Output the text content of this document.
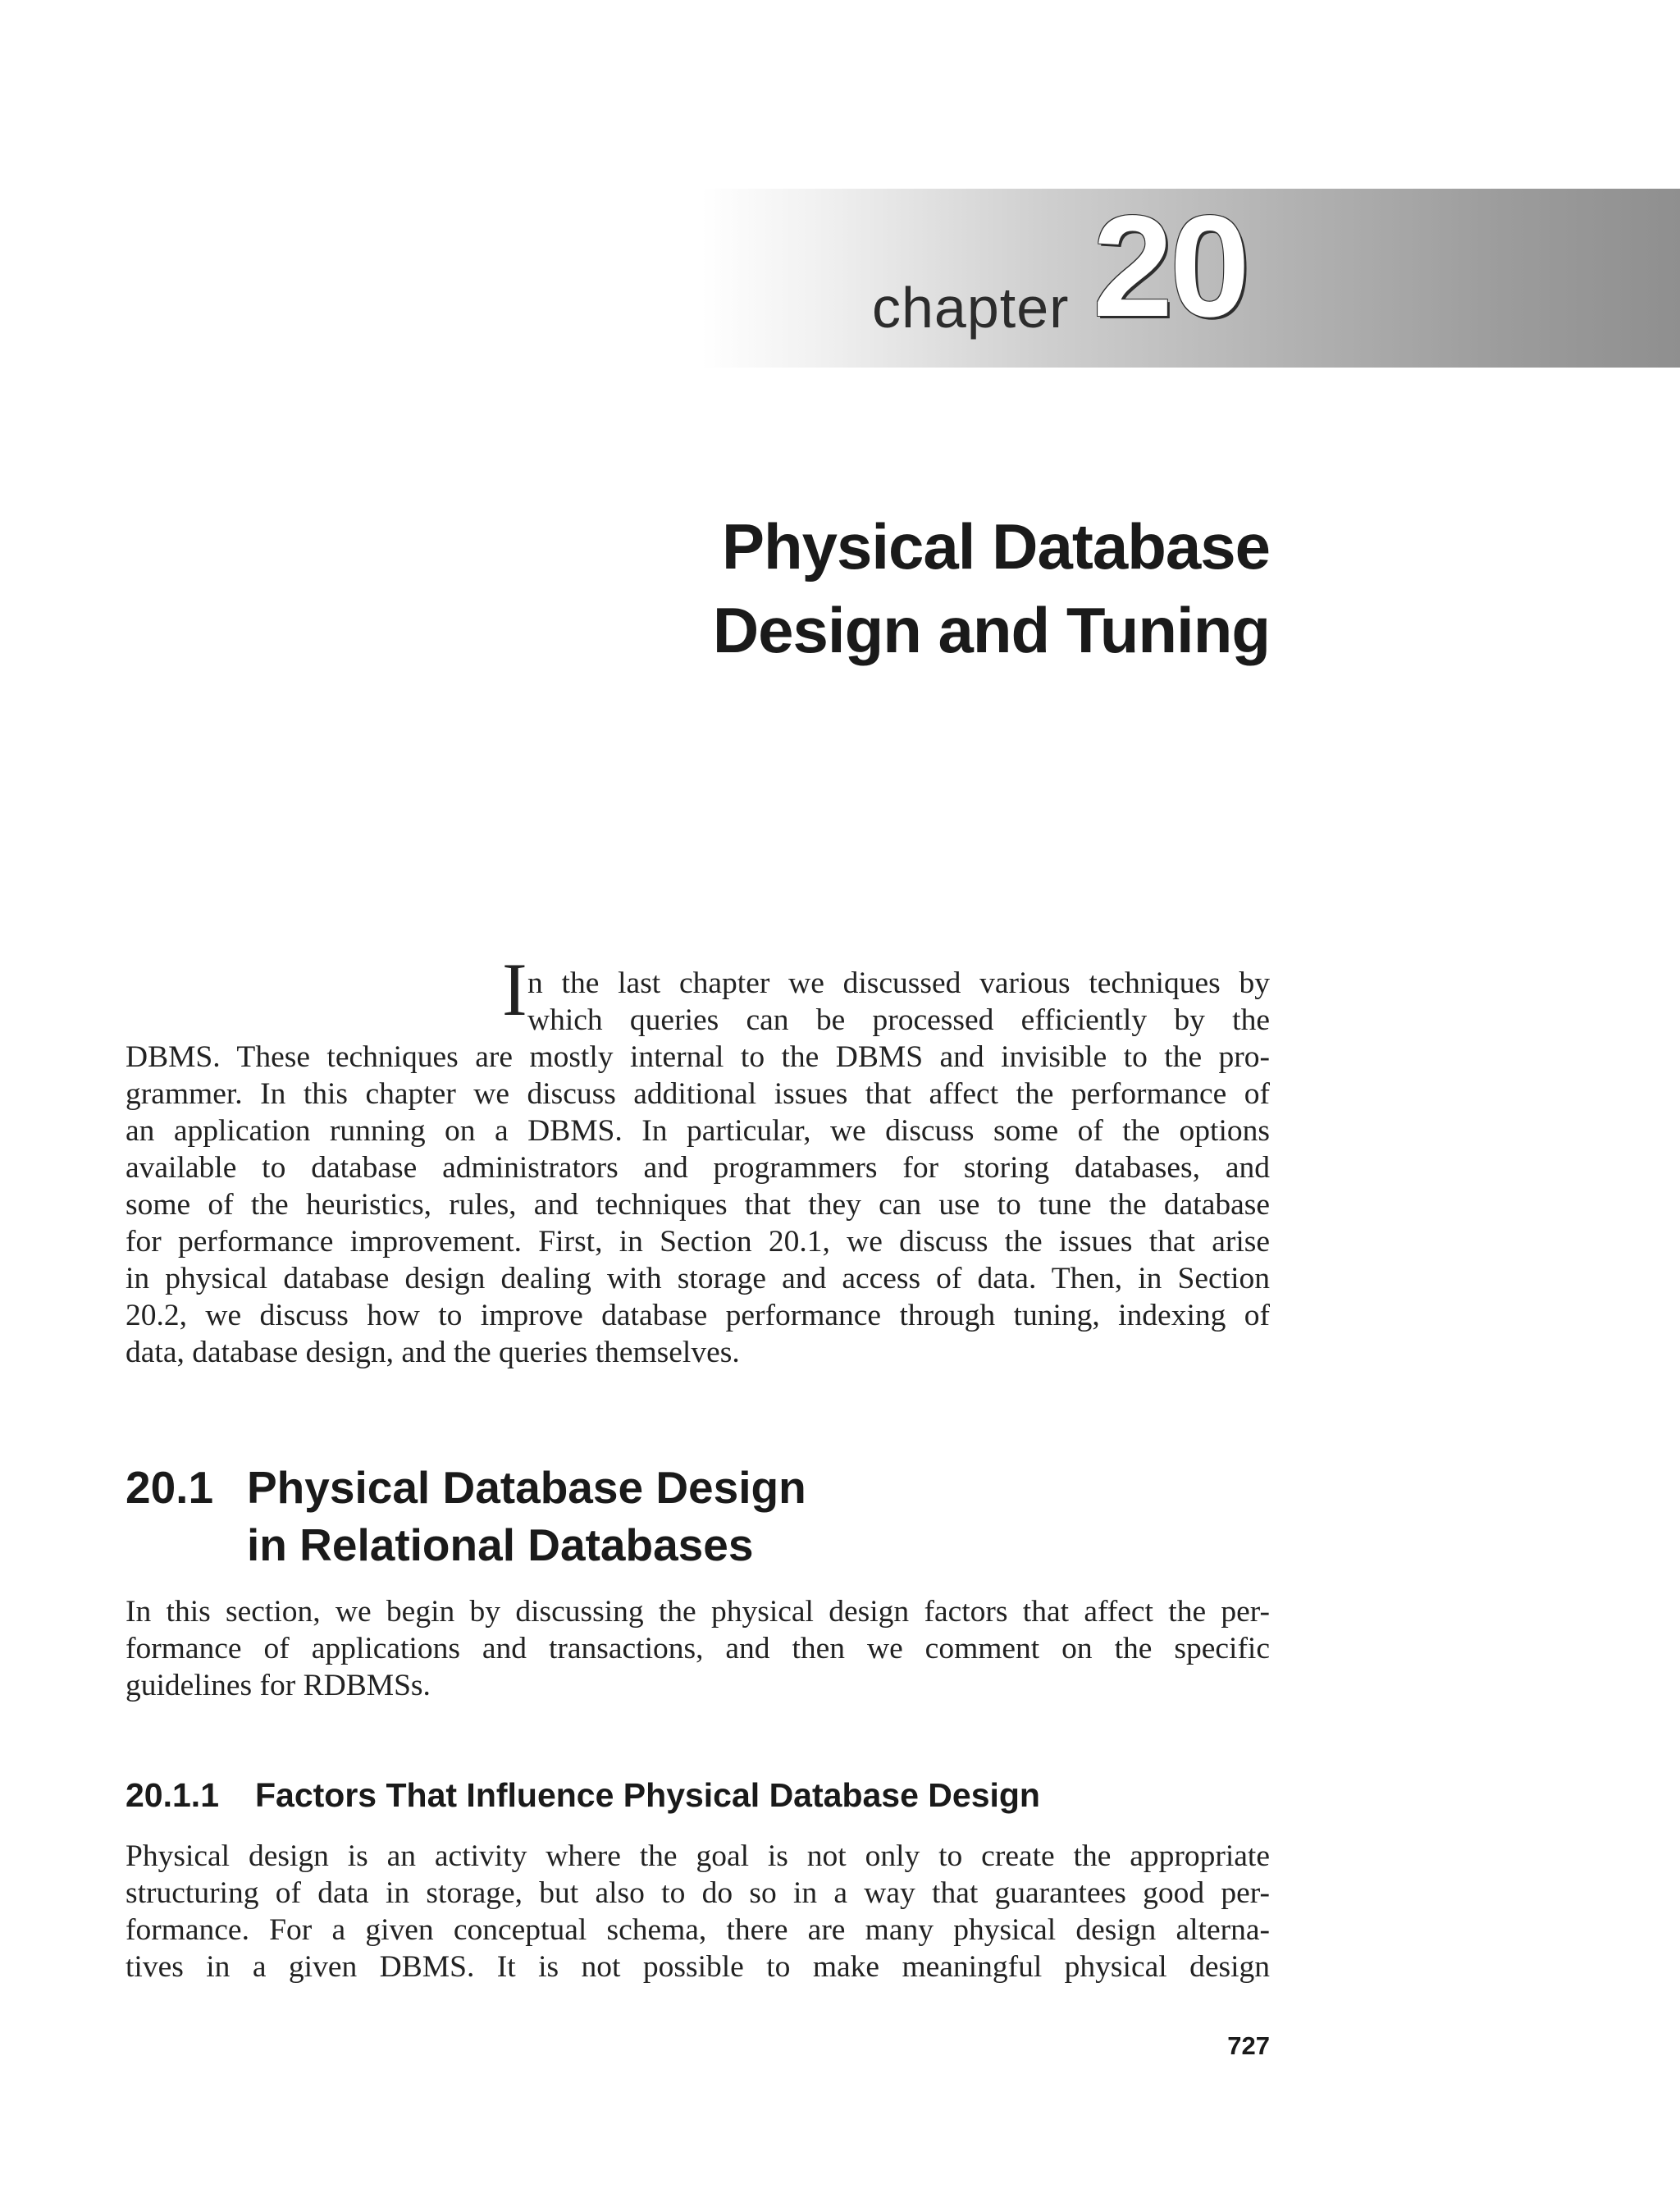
chapter 20
Physical Database
Design and Tuning
I n the last chapter we discussed various techniques by
which queries can be processed efficiently by the
DBMS. These techniques are mostly internal to the DBMS and invisible to the pro-
grammer. In this chapter we discuss additional issues that affect the performance of
an application running on a DBMS. In particular, we discuss some of the options
available to database administrators and programmers for storing databases, and
some of the heuristics, rules, and techniques that they can use to tune the database
for performance improvement. First, in Section 20.1, we discuss the issues that arise
in physical database design dealing with storage and access of data. Then, in Section
20.2, we discuss how to improve database performance through tuning, indexing of
data, database design, and the queries themselves.
20.1 Physical Database Design
in Relational Databases
In this section, we begin by discussing the physical design factors that affect the per-
formance of applications and transactions, and then we comment on the specific
guidelines for RDBMSs.
20.1.1 Factors That Influence Physical Database Design
Physical design is an activity where the goal is not only to create the appropriate
structuring of data in storage, but also to do so in a way that guarantees good per-
formance. For a given conceptual schema, there are many physical design alterna-
tives in a given DBMS. It is not possible to make meaningful physical design
727
